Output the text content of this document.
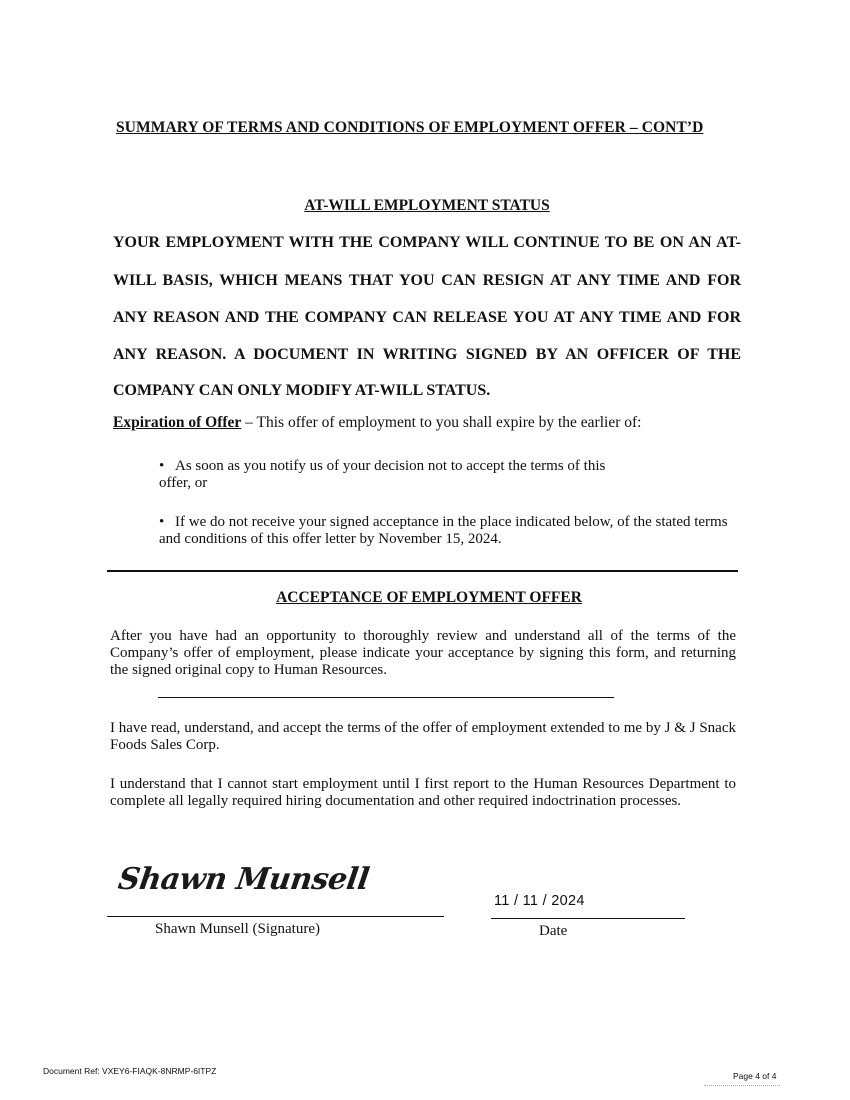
SUMMARY OF TERMS AND CONDITIONS OF EMPLOYMENT OFFER – CONT’D
AT-WILL EMPLOYMENT STATUS
YOUR EMPLOYMENT WITH THE COMPANY WILL CONTINUE TO BE ON AN AT-
WILL BASIS, WHICH MEANS THAT YOU CAN RESIGN AT ANY TIME AND FOR
ANY REASON AND THE COMPANY CAN RELEASE YOU AT ANY TIME AND FOR
ANY REASON. A DOCUMENT IN WRITING SIGNED BY AN OFFICER OF THE
COMPANY CAN ONLY MODIFY AT-WILL STATUS.
Expiration of Offer – This offer of employment to you shall expire by the earlier of:
• As soon as you notify us of your decision not to accept the terms of this offer, or
• If we do not receive your signed acceptance in the place indicated below, of the stated terms and conditions of this offer letter by November 15, 2024.
ACCEPTANCE OF EMPLOYMENT OFFER
After you have had an opportunity to thoroughly review and understand all of the terms of the Company’s offer of employment, please indicate your acceptance by signing this form, and returning the signed original copy to Human Resources.
I have read, understand, and accept the terms of the offer of employment extended to me by J & J Snack Foods Sales Corp.
I understand that I cannot start employment until I first report to the Human Resources Department to complete all legally required hiring documentation and other required indoctrination processes.
Shawn Munsell
Shawn Munsell (Signature)
11 / 11 / 2024
Date
Document Ref: VXEY6-FIAQK-8NRMP-6ITPZ	Page 4 of 4
